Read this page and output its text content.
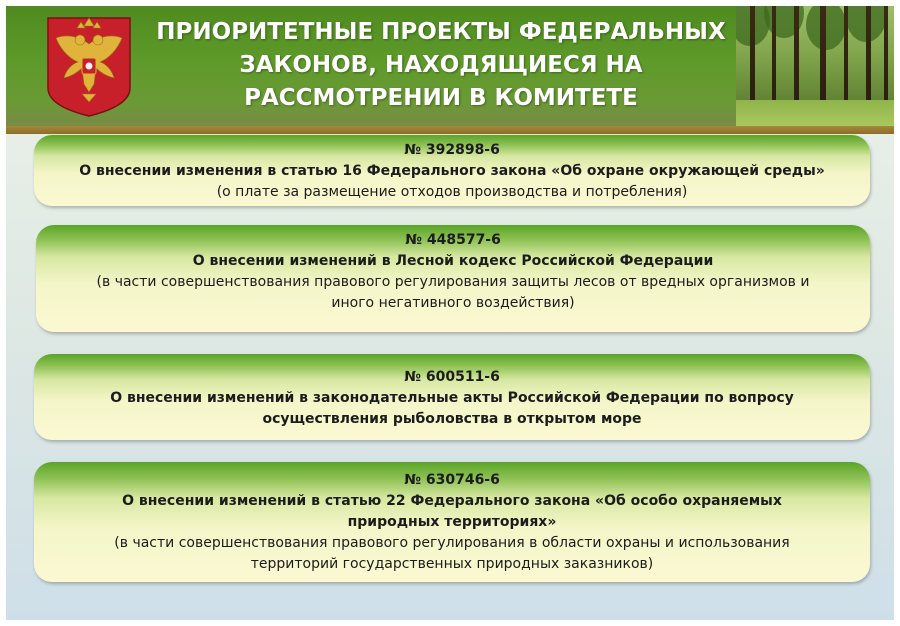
ПРИОРИТЕТНЫЕ ПРОЕКТЫ ФЕДЕРАЛЬНЫХ
ЗАКОНОВ, НАХОДЯЩИЕСЯ НА
РАССМОТРЕНИИ В КОМИТЕТЕ
№ 392898-6
О внесении изменения в статью 16 Федерального закона «Об охране окружающей среды»
(о плате за размещение отходов производства и потребления)
№ 448577-6
О внесении изменений в Лесной кодекс Российской Федерации
(в части совершенствования правового регулирования защиты лесов от вредных организмов и
иного негативного воздействия)
№ 600511-6
О внесении изменений в законодательные акты Российской Федерации по вопросу
осуществления рыболовства в открытом море
№ 630746-6
О внесении изменений в статью 22 Федерального закона «Об особо охраняемых
природных территориях»
(в части совершенствования правового регулирования в области охраны и использования
территорий государственных природных заказников)
